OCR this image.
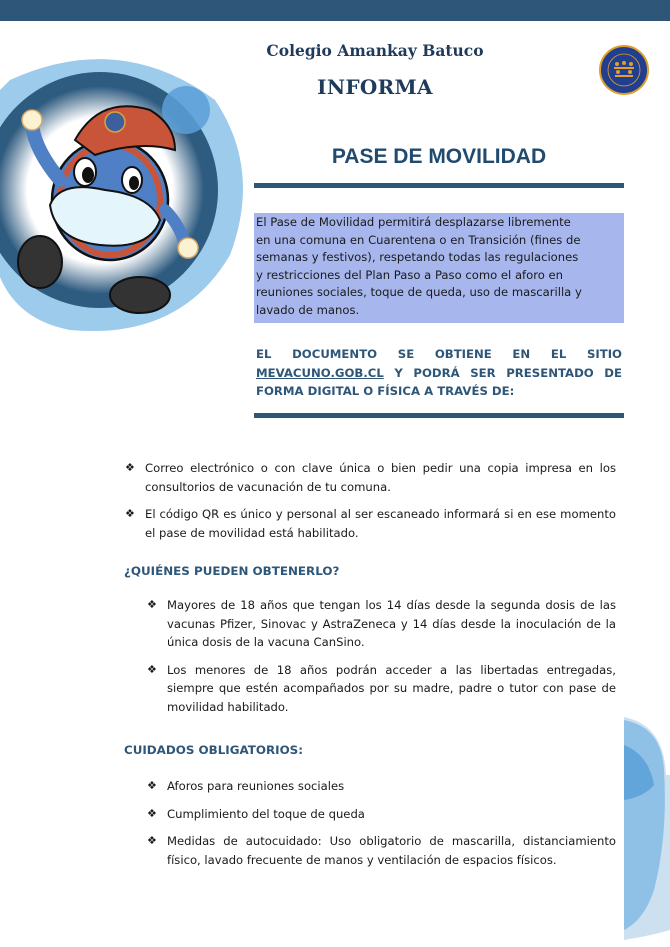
Colegio Amankay Batuco
INFORMA
PASE DE MOVILIDAD
El Pase de Movilidad permitirá desplazarse libremente
en una comuna en Cuarentena o en Transición (fines de
semanas y festivos), respetando todas las regulaciones
y restricciones del Plan Paso a Paso como el aforo en
reuniones sociales, toque de queda, uso de mascarilla y
lavado de manos.
EL DOCUMENTO SE OBTIENE EN EL SITIO MEVACUNO.GOB.CL Y PODRÁ SER PRESENTADO DE FORMA DIGITAL O FÍSICA A TRAVÉS DE:
❖ Correo electrónico o con clave única o bien pedir una copia impresa en los consultorios de vacunación de tu comuna.
❖ El código QR es único y personal al ser escaneado informará si en ese momento el pase de movilidad está habilitado.
¿QUIÉNES PUEDEN OBTENERLO?
❖ Mayores de 18 años que tengan los 14 días desde la segunda dosis de las vacunas Pfizer, Sinovac y AstraZeneca y 14 días desde la inoculación de la única dosis de la vacuna CanSino.
❖ Los menores de 18 años podrán acceder a las libertadas entregadas, siempre que estén acompañados por su madre, padre o tutor con pase de movilidad habilitado.
CUIDADOS OBLIGATORIOS:
❖ Aforos para reuniones sociales
❖ Cumplimiento del toque de queda
❖ Medidas de autocuidado: Uso obligatorio de mascarilla, distanciamiento físico, lavado frecuente de manos y ventilación de espacios físicos.
